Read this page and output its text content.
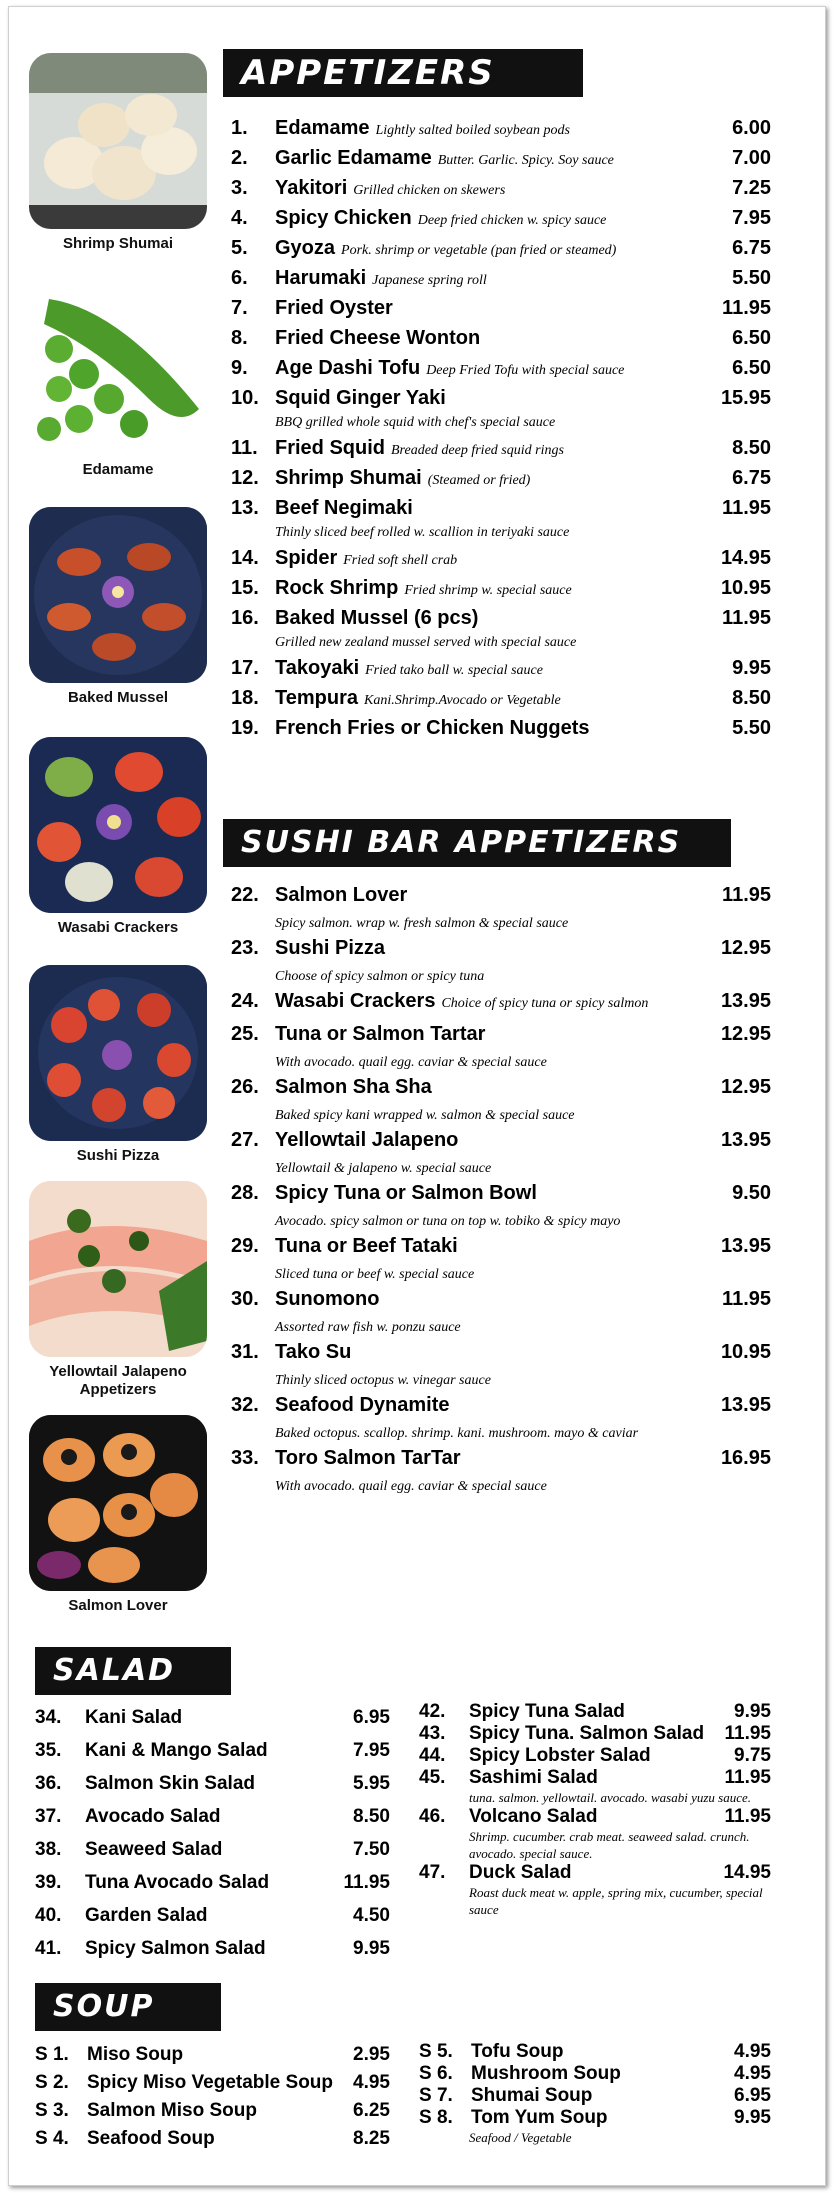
APPETIZERS
SUSHI BAR APPETIZERS
SALAD
SOUP
Shrimp Shumai
Edamame
Baked Mussel
Wasabi Crackers
Sushi Pizza
Yellowtail Jalapeno
Appetizers
Salmon Lover
1.	Edamame Lightly salted boiled soybean pods	6.00
2.	Garlic Edamame Butter. Garlic. Spicy. Soy sauce	7.00
3.	Yakitori Grilled chicken on skewers	7.25
4.	Spicy Chicken Deep fried chicken w. spicy sauce	7.95
5.	Gyoza Pork. shrimp or vegetable (pan fried or steamed)	6.75
6.	Harumaki Japanese spring roll	5.50
7.	Fried Oyster	11.95
8.	Fried Cheese Wonton	6.50
9.	Age Dashi Tofu Deep Fried Tofu with special sauce	6.50
10. Squid Ginger Yaki	15.95
BBQ grilled whole squid with chef's special sauce
11. Fried Squid Breaded deep fried squid rings	8.50
12. Shrimp Shumai (Steamed or fried)	6.75
13. Beef Negimaki	11.95
Thinly sliced beef rolled w. scallion in teriyaki sauce
14. Spider Fried soft shell crab	14.95
15. Rock Shrimp Fried shrimp w. special sauce	10.95
16. Baked Mussel (6 pcs)	11.95
Grilled new zealand mussel served with special sauce
17. Takoyaki Fried tako ball w. special sauce	9.95
18. Tempura Kani.Shrimp.Avocado or Vegetable	8.50
19. French Fries or Chicken Nuggets	5.50
22. Salmon Lover	11.95
Spicy salmon. wrap w. fresh salmon & special sauce
23. Sushi Pizza	12.95
Choose of spicy salmon or spicy tuna
24. Wasabi Crackers Choice of spicy tuna or spicy salmon	13.95
25. Tuna or Salmon Tartar	12.95
With avocado. quail egg. caviar & special sauce
26. Salmon Sha Sha	12.95
Baked spicy kani wrapped w. salmon & special sauce
27. Yellowtail Jalapeno	13.95
Yellowtail & jalapeno w. special sauce
28. Spicy Tuna or Salmon Bowl	9.50
Avocado. spicy salmon or tuna on top w. tobiko & spicy mayo
29. Tuna or Beef Tataki	13.95
Sliced tuna or beef w. special sauce
30. Sunomono	11.95
Assorted raw fish w. ponzu sauce
31. Tako Su	10.95
Thinly sliced octopus w. vinegar sauce
32. Seafood Dynamite	13.95
Baked octopus. scallop. shrimp. kani. mushroom. mayo & caviar
33. Toro Salmon TarTar	16.95
With avocado. quail egg. caviar & special sauce
34.	Kani Salad	6.95
35.	Kani & Mango Salad	7.95
36.	Salmon Skin Salad	5.95
37.	Avocado Salad	8.50
38.	Seaweed Salad	7.50
39.	Tuna Avocado Salad	11.95
40.	Garden Salad	4.50
41.	Spicy Salmon Salad	9.95
42.	Spicy Tuna Salad	9.95
43.	Spicy Tuna. Salmon Salad	11.95
44.	Spicy Lobster Salad	9.75
45.	Sashimi Salad	11.95
tuna. salmon. yellowtail. avocado. wasabi yuzu sauce.
46.	Volcano Salad	11.95
Shrimp. cucumber. crab meat. seaweed salad. crunch. avocado. special sauce.
47.	Duck Salad	14.95
Roast duck meat w. apple, spring mix, cucumber, special sauce
S 1. Miso Soup	2.95
S 2. Spicy Miso Vegetable Soup	4.95
S 3. Salmon Miso Soup	6.25
S 4. Seafood Soup	8.25
S 5. Tofu Soup	4.95
S 6. Mushroom Soup	4.95
S 7. Shumai Soup	6.95
S 8. Tom Yum Soup	9.95
Seafood / Vegetable
